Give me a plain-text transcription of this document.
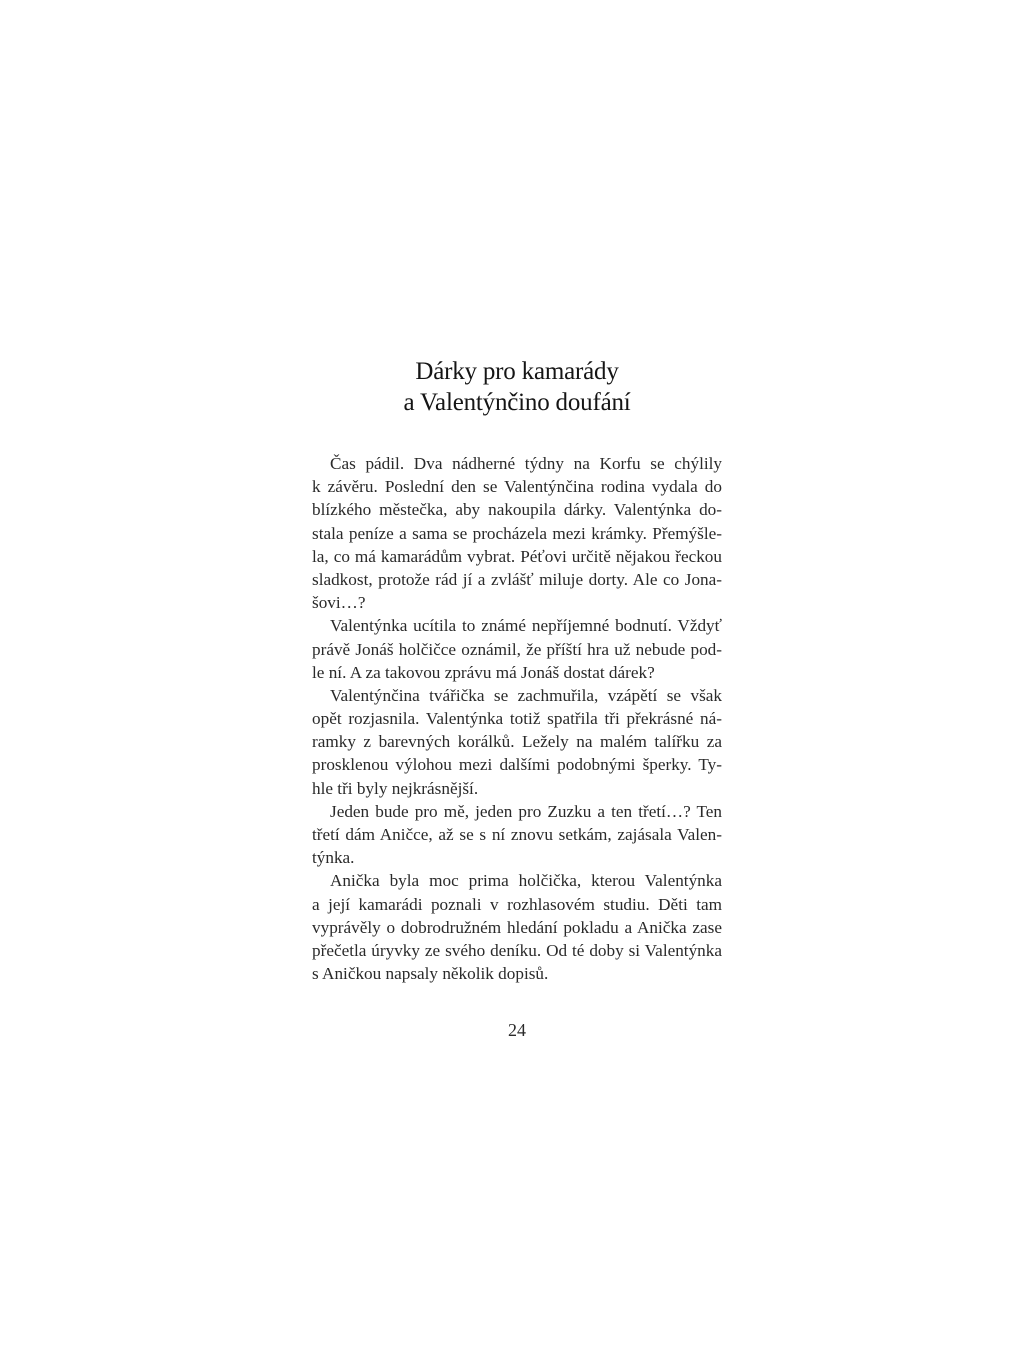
Dárky pro kamarády
a Valentýnčino doufání
Čas pádil. Dva nádherné týdny na Korfu se chýlily
k závěru. Poslední den se Valentýnčina rodina vydala do
blízkého městečka, aby nakoupila dárky. Valentýnka do-
stala peníze a sama se procházela mezi krámky. Přemýšle-
la, co má kamarádům vybrat. Péťovi určitě nějakou řeckou
sladkost, protože rád jí a zvlášť miluje dorty. Ale co Jona-
šovi…?
Valentýnka ucítila to známé nepříjemné bodnutí. Vždyť
právě Jonáš holčičce oznámil, že příští hra už nebude pod-
le ní. A za takovou zprávu má Jonáš dostat dárek?
Valentýnčina tvářička se zachmuřila, vzápětí se však
opět rozjasnila. Valentýnka totiž spatřila tři překrásné ná-
ramky z barevných korálků. Ležely na malém talířku za
prosklenou výlohou mezi dalšími podobnými šperky. Ty-
hle tři byly nejkrásnější.
Jeden bude pro mě, jeden pro Zuzku a ten třetí…? Ten
třetí dám Aničce, až se s ní znovu setkám, zajásala Valen-
týnka.
Anička byla moc prima holčička, kterou Valentýnka
a její kamarádi poznali v rozhlasovém studiu. Děti tam
vyprávěly o dobrodružném hledání pokladu a Anička zase
přečetla úryvky ze svého deníku. Od té doby si Valentýnka
s Aničkou napsaly několik dopisů.
24
